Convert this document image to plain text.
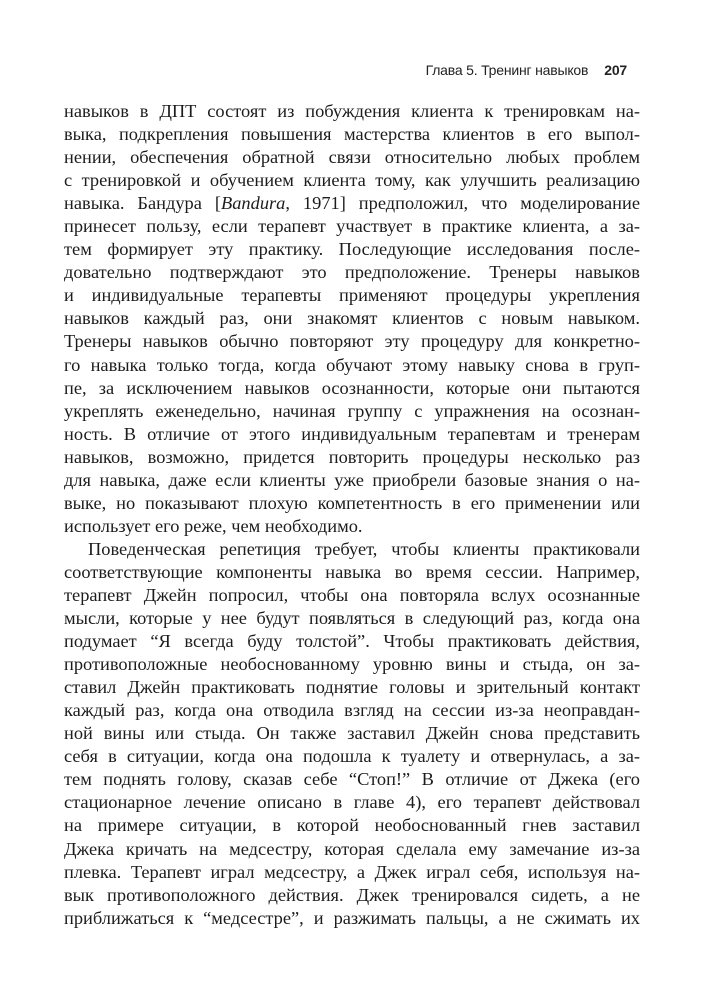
Глава 5. Тренинг навыков 207
навыков в ДПТ состоят из побуждения клиента к тренировкам на-
выка, подкрепления повышения мастерства клиентов в его выпол-
нении, обеспечения обратной связи относительно любых проблем
с тренировкой и обучением клиента тому, как улучшить реализацию
навыка. Бандура [Bandura, 1971] предположил, что моделирование
принесет пользу, если терапевт участвует в практике клиента, а за-
тем формирует эту практику. Последующие исследования после-
довательно подтверждают это предположение. Тренеры навыков
и индивидуальные терапевты применяют процедуры укрепления
навыков каждый раз, они знакомят клиентов с новым навыком.
Тренеры навыков обычно повторяют эту процедуру для конкретно-
го навыка только тогда, когда обучают этому навыку снова в груп-
пе, за исключением навыков осознанности, которые они пытаются
укреплять еженедельно, начиная группу с упражнения на осознан-
ность. В отличие от этого индивидуальным терапевтам и тренерам
навыков, возможно, придется повторить процедуры несколько раз
для навыка, даже если клиенты уже приобрели базовые знания о на-
выке, но показывают плохую компетентность в его применении или
использует его реже, чем необходимо.
Поведенческая репетиция требует, чтобы клиенты практиковали
соответствующие компоненты навыка во время сессии. Например,
терапевт Джейн попросил, чтобы она повторяла вслух осознанные
мысли, которые у нее будут появляться в следующий раз, когда она
подумает “Я всегда буду толстой”. Чтобы практиковать действия,
противоположные необоснованному уровню вины и стыда, он за-
ставил Джейн практиковать поднятие головы и зрительный контакт
каждый раз, когда она отводила взгляд на сессии из-за неоправдан-
ной вины или стыда. Он также заставил Джейн снова представить
себя в ситуации, когда она подошла к туалету и отвернулась, а за-
тем поднять голову, сказав себе “Стоп!” В отличие от Джека (его
стационарное лечение описано в главе 4), его терапевт действовал
на примере ситуации, в которой необоснованный гнев заставил
Джека кричать на медсестру, которая сделала ему замечание из-за
плевка. Терапевт играл медсестру, а Джек играл себя, используя на-
вык противоположного действия. Джек тренировался сидеть, а не
приближаться к “медсестре”, и разжимать пальцы, а не сжимать их
